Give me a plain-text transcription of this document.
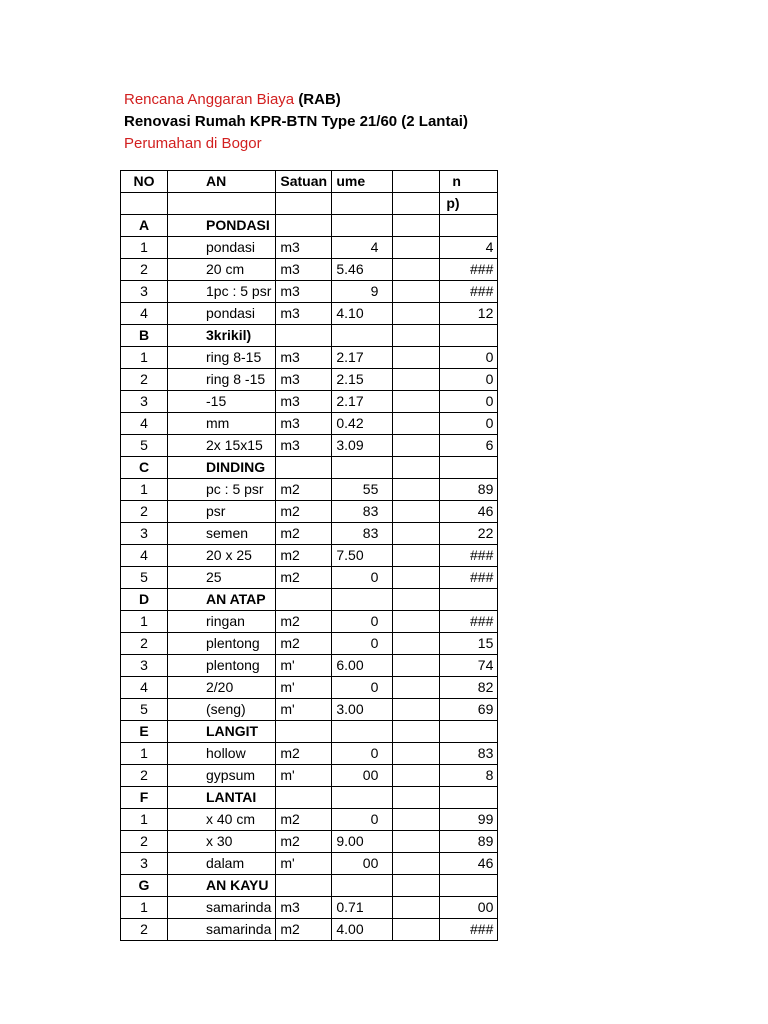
Rencana Anggaran Biaya (RAB)
Renovasi Rumah KPR-BTN Type 21/60 (2 Lantai)
Perumahan di Bogor
NO	AN	Satuan	ume		n
					p)
A	PONDASI				
1	pondasi	m3	4		4
2	20 cm	m3	5.46		###
3	1pc : 5 psr	m3	9		###
4	pondasi	m3	4.10		12
B	3krikil)				
1	ring 8-15	m3	2.17		0
2	ring 8 -15	m3	2.15		0
3	-15	m3	2.17		0
4	mm	m3	0.42		0
5	2x 15x15	m3	3.09		6
C	DINDING				
1	pc : 5 psr	m2	55		89
2	psr	m2	83		46
3	semen	m2	83		22
4	20 x 25	m2	7.50		###
5	25	m2	0		###
D	AN ATAP				
1	ringan	m2	0		###
2	plentong	m2	0		15
3	plentong	m'	6.00		74
4	2/20	m'	0		82
5	(seng)	m'	3.00		69
E	LANGIT				
1	hollow	m2	0		83
2	gypsum	m'	00		8
F	LANTAI				
1	x 40 cm	m2	0		99
2	x 30	m2	9.00		89
3	dalam	m'	00		46
G	AN KAYU				
1	samarinda	m3	0.71		00
2	samarinda	m2	4.00		###
